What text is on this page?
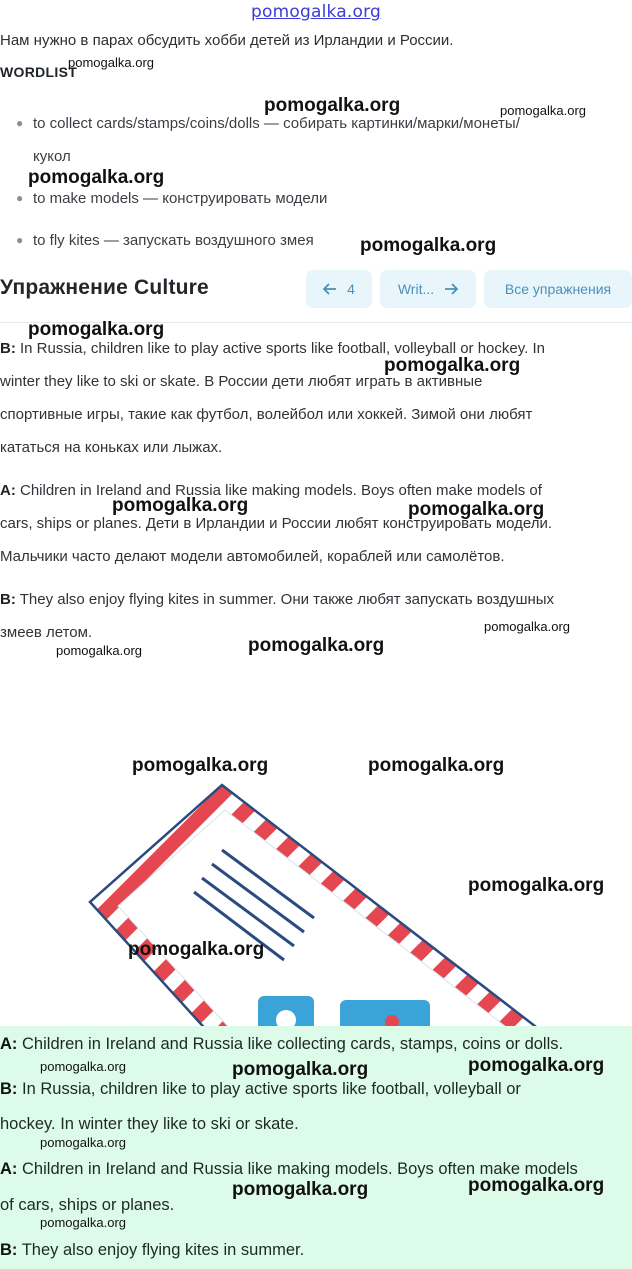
pomogalka.org
Нам нужно в парах обсудить хобби детей из Ирландии и России.
WORDLIST
● to collect cards/stamps/coins/dolls — собирать картинки/марки/монеты/
кукол
● to make models — конструировать модели
● to fly kites — запускать воздушного змея
Упражнение Culture	4	Writ...	Все упражнения
B: In Russia, children like to play active sports like football, volleyball or hockey. In
winter they like to ski or skate. В России дети любят играть в активные
спортивные игры, такие как футбол, волейбол или хоккей. Зимой они любят
кататься на коньках или лыжах.
A: Children in Ireland and Russia like making models. Boys often make models of
cars, ships or planes. Дети в Ирландии и России любят конструировать модели.
Мальчики часто делают модели автомобилей, кораблей или самолётов.
B: They also enjoy flying kites in summer. Они также любят запускать воздушных
змеев летом.
A: Children in Ireland and Russia like collecting cards, stamps, coins or dolls.
B: In Russia, children like to play active sports like football, volleyball or
hockey. In winter they like to ski or skate.
A: Children in Ireland and Russia like making models. Boys often make models
of cars, ships or planes.
B: They also enjoy flying kites in summer.
pomogalka.org
pomogalka.org	pomogalka.org
pomogalka.org
pomogalka.org
pomogalka.org
pomogalka.org
pomogalka.org	pomogalka.org
pomogalka.org
pomogalka.org
pomogalka.org
pomogalka.org	pomogalka.org
pomogalka.org
pomogalka.org
pomogalka.org	pomogalka.org	pomogalka.org
pomogalka.org
pomogalka.org	pomogalka.org
pomogalka.org
